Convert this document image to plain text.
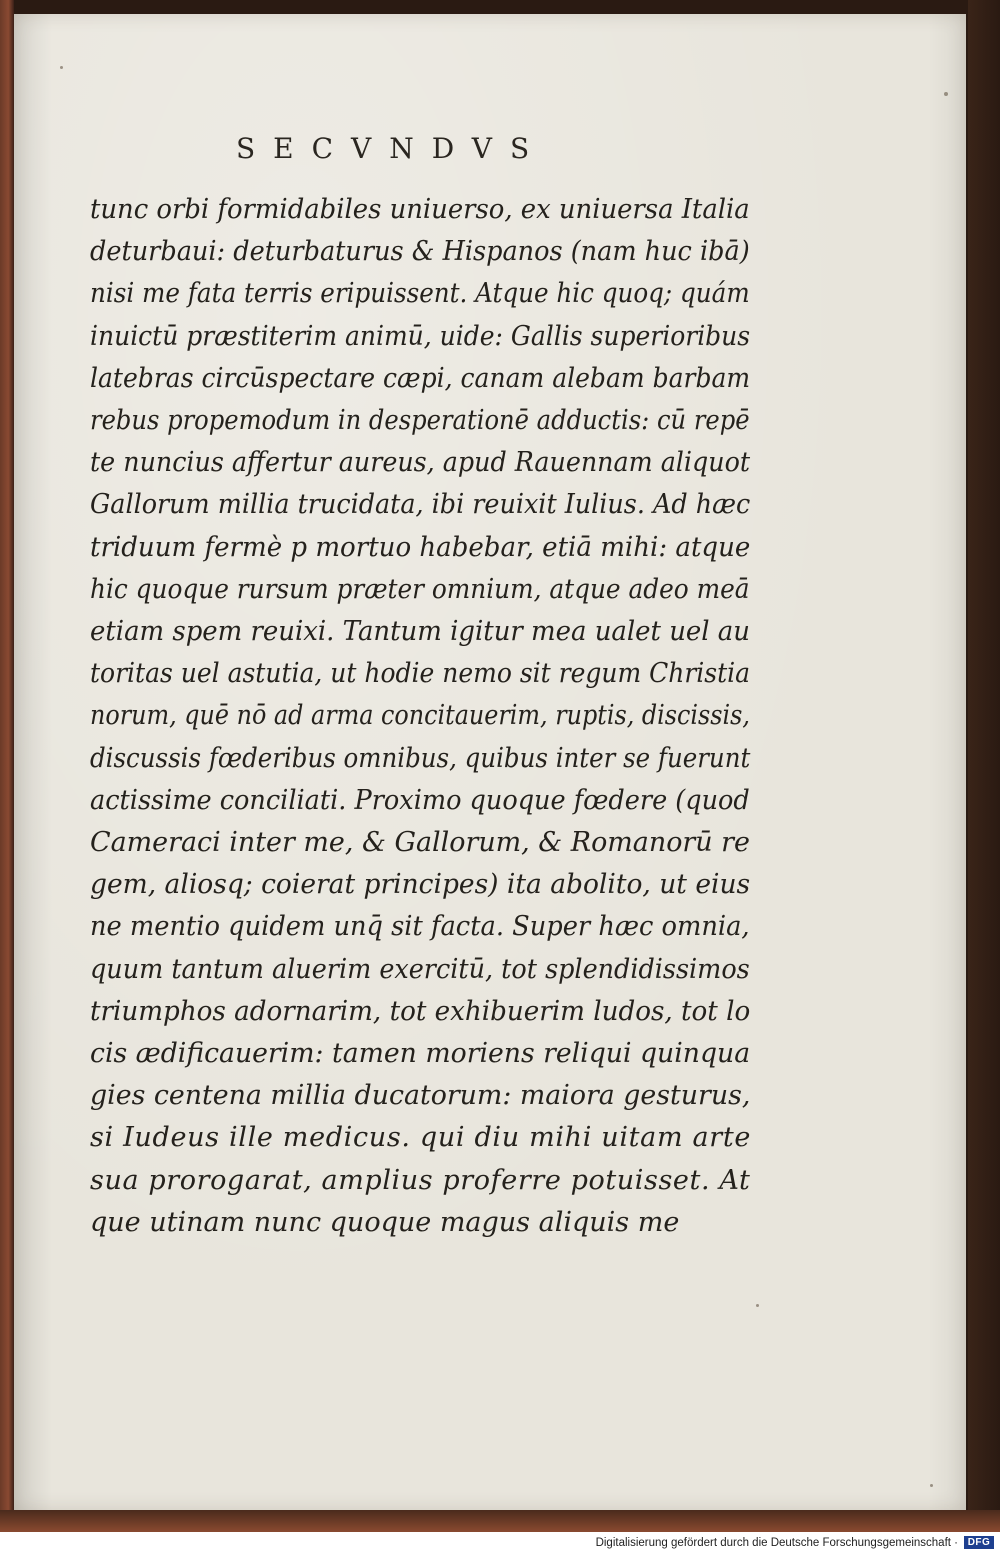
SECVNDVS
tunc orbi formidabiles uniuerso, ex uniuersa Italia
deturbaui: deturbaturus & Hispanos (nam huc ibā)
nisi me fata terris eripuissent. Atque hic quoq; quám
inuictū præstiterim animū, uide: Gallis superioribus
latebras circūspectare cæpi, canam alebam barbam
rebus propemodum in desperationē adductis: cū repē
te nuncius affertur aureus, apud Rauennam aliquot
Gallorum millia trucidata, ibi reuixit Iulius. Ad hæc
triduum fermè p mortuo habebar, etiā mihi: atque
hic quoque rursum præter omnium, atque adeo meā
etiam spem reuixi. Tantum igitur mea ualet uel au
toritas uel astutia, ut hodie nemo sit regum Christia
norum, quē nō ad arma concitauerim, ruptis, discissis,
discussis fœderibus omnibus, quibus inter se fuerunt
actissime conciliati. Proximo quoque fœdere (quod
Cameraci inter me, & Gallorum, & Romanorū re
gem, aliosq; coierat principes) ita abolito, ut eius
ne mentio quidem unq̄ sit facta. Super hæc omnia,
quum tantum aluerim exercitū, tot splendidissimos
triumphos adornarim, tot exhibuerim ludos, tot lo
cis ædificauerim: tamen moriens reliqui quinqua
gies centena millia ducatorum: maiora gesturus,
si Iudeus ille medicus. qui diu mihi uitam arte
sua prorogarat, amplius proferre potuisset. At
que utinam nunc quoque magus aliquis me
Digitalisierung gefördert durch die Deutsche Forschungsgemeinschaft · DFG
